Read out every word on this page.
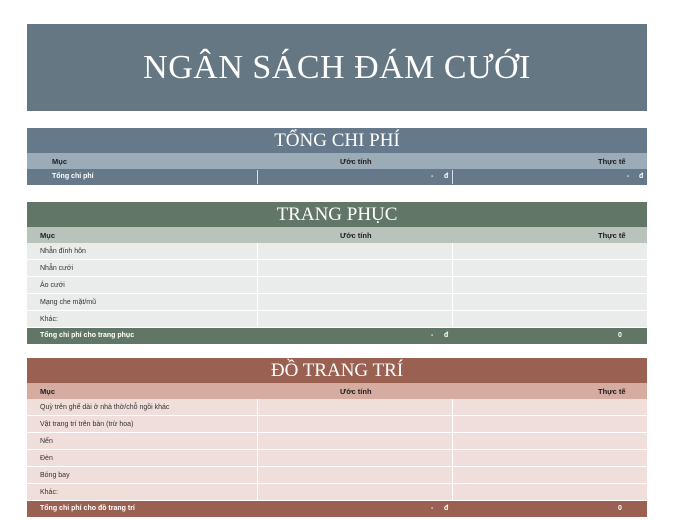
NGÂN SÁCH ĐÁM CƯỚI
TỔNG CHI PHÍ
Mục	Ước tính	Thực tế
Tổng chi phí	- đ	- đ
TRANG PHỤC
Mục	Ước tính	Thực tế
Nhẫn đính hôn
Nhẫn cưới
Áo cưới
Mạng che mặt/mũ
Khác:
Tổng chi phí cho trang phục	- đ	0
ĐỒ TRANG TRÍ
Mục	Ước tính	Thực tế
Quỳ trên ghế dài ở nhà thờ/chỗ ngồi khác
Vật trang trí trên bàn (trừ hoa)
Nến
Đèn
Bóng bay
Khác:
Tổng chi phí cho đồ trang trí	- đ	0
